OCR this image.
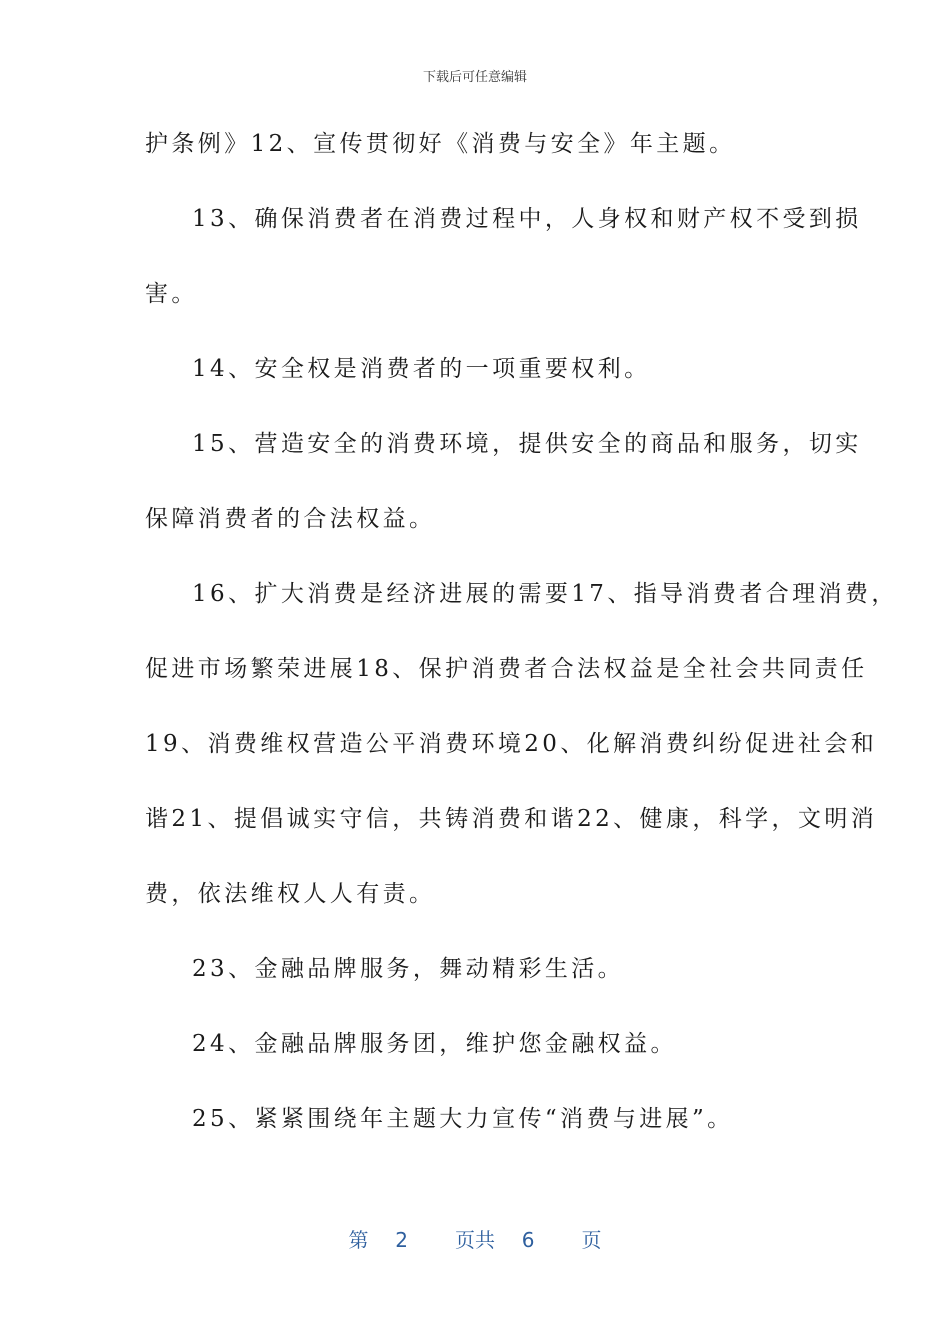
下载后可任意编辑
护条例》12、宣传贯彻好《消费与安全》年主题。
13、确保消费者在消费过程中，人身权和财产权不受到损
害。
14、安全权是消费者的一项重要权利。
15、营造安全的消费环境，提供安全的商品和服务，切实
保障消费者的合法权益。
16、扩大消费是经济进展的需要17、指导消费者合理消费，
促进市场繁荣进展18、保护消费者合法权益是全社会共同责任
19、消费维权营造公平消费环境20、化解消费纠纷促进社会和
谐21、提倡诚实守信，共铸消费和谐22、健康，科学，文明消
费，依法维权人人有责。
23、金融品牌服务，舞动精彩生活。
24、金融品牌服务团，维护您金融权益。
25、紧紧围绕年主题大力宣传“消费与进展”。
第 2 页共 6 页
